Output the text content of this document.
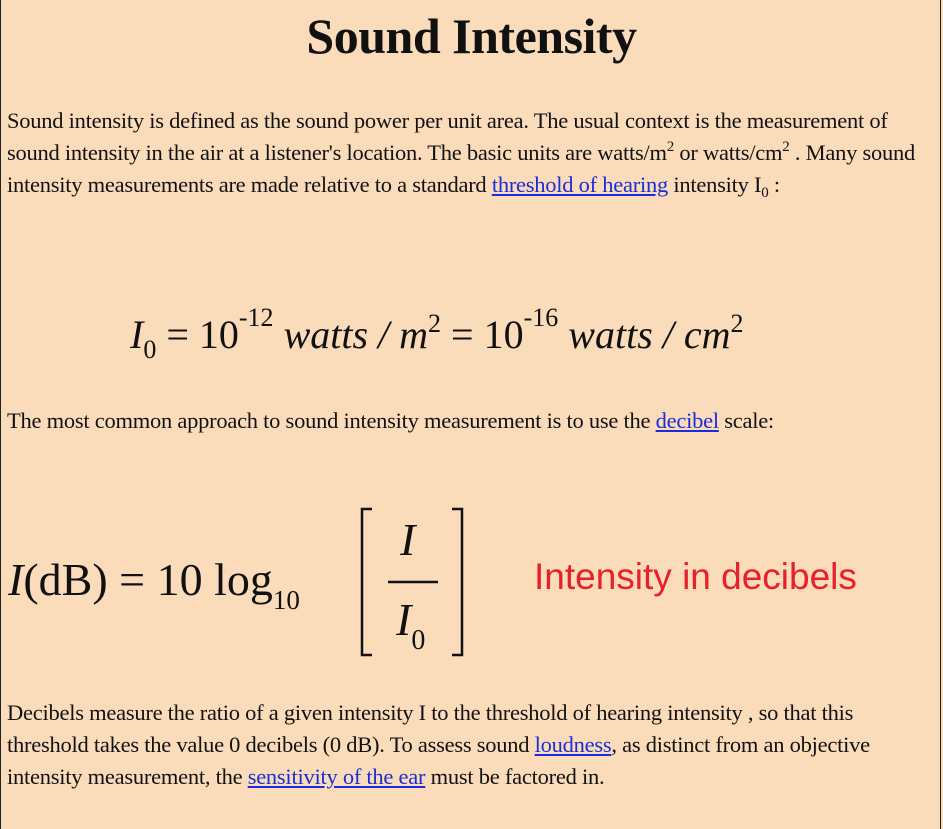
Sound Intensity
Sound intensity is defined as the sound power per unit area. The usual context is the measurement of sound intensity in the air at a listener's location. The basic units are watts/$m^2$ or watts/$cm^2$ . Many sound intensity measurements are made relative to a standard threshold of hearing intensity $I_0$ :
$I_0 = 10^{-12}$ watts / $m^2 = 10^{-16}$ watts / $cm^2$
The most common approach to sound intensity measurement is to use the decibel scale:
I(dB) = 10 $\log_{10}$
I
$I_0$
Intensity in decibels
Decibels measure the ratio of a given intensity I to the threshold of hearing intensity , so that this threshold takes the value 0 decibels (0 dB). To assess sound loudness, as distinct from an objective intensity measurement, the sensitivity of the ear must be factored in.
